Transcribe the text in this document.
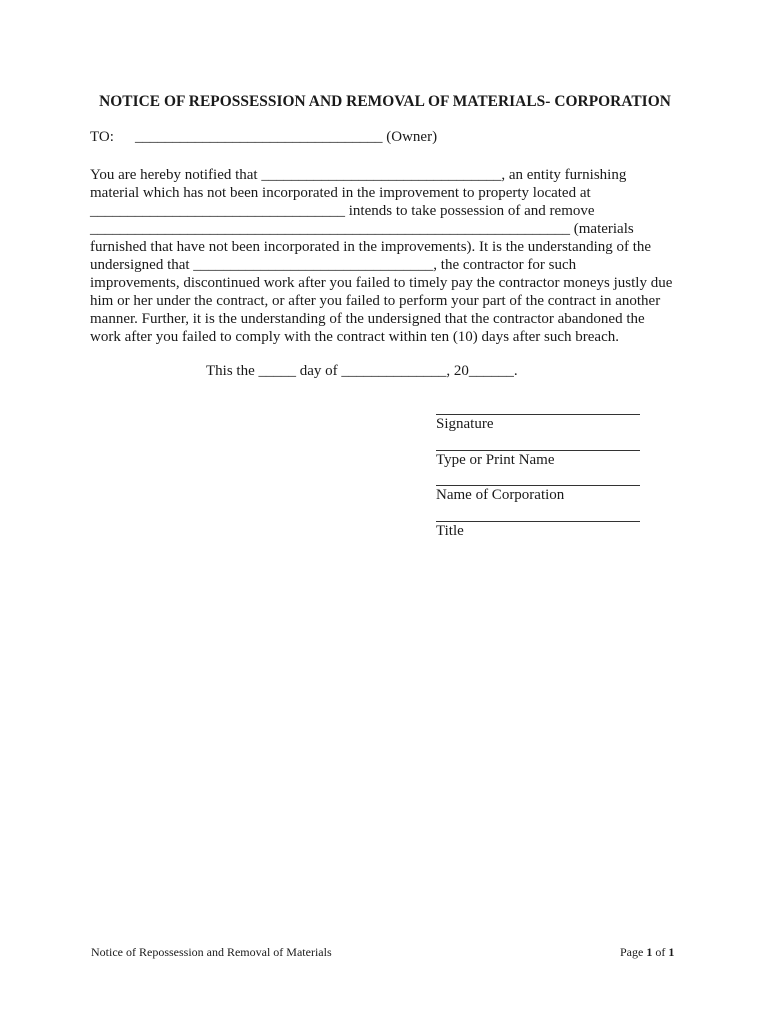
NOTICE OF REPOSSESSION AND REMOVAL OF MATERIALS- CORPORATION
TO: _________________________________ (Owner)
You are hereby notified that ________________________________, an entity furnishing
material which has not been incorporated in the improvement to property located at
__________________________________ intends to take possession of and remove
________________________________________________________________ (materials
furnished that have not been incorporated in the improvements). It is the understanding of the
undersigned that ________________________________, the contractor for such
improvements, discontinued work after you failed to timely pay the contractor moneys justly due
him or her under the contract, or after you failed to perform your part of the contract in another
manner. Further, it is the understanding of the undersigned that the contractor abandoned the
work after you failed to comply with the contract within ten (10) days after such breach.
This the _____ day of ______________, 20______.
Signature
Type or Print Name
Name of Corporation
Title
Notice of Repossession and Removal of Materials	Page 1 of 1
